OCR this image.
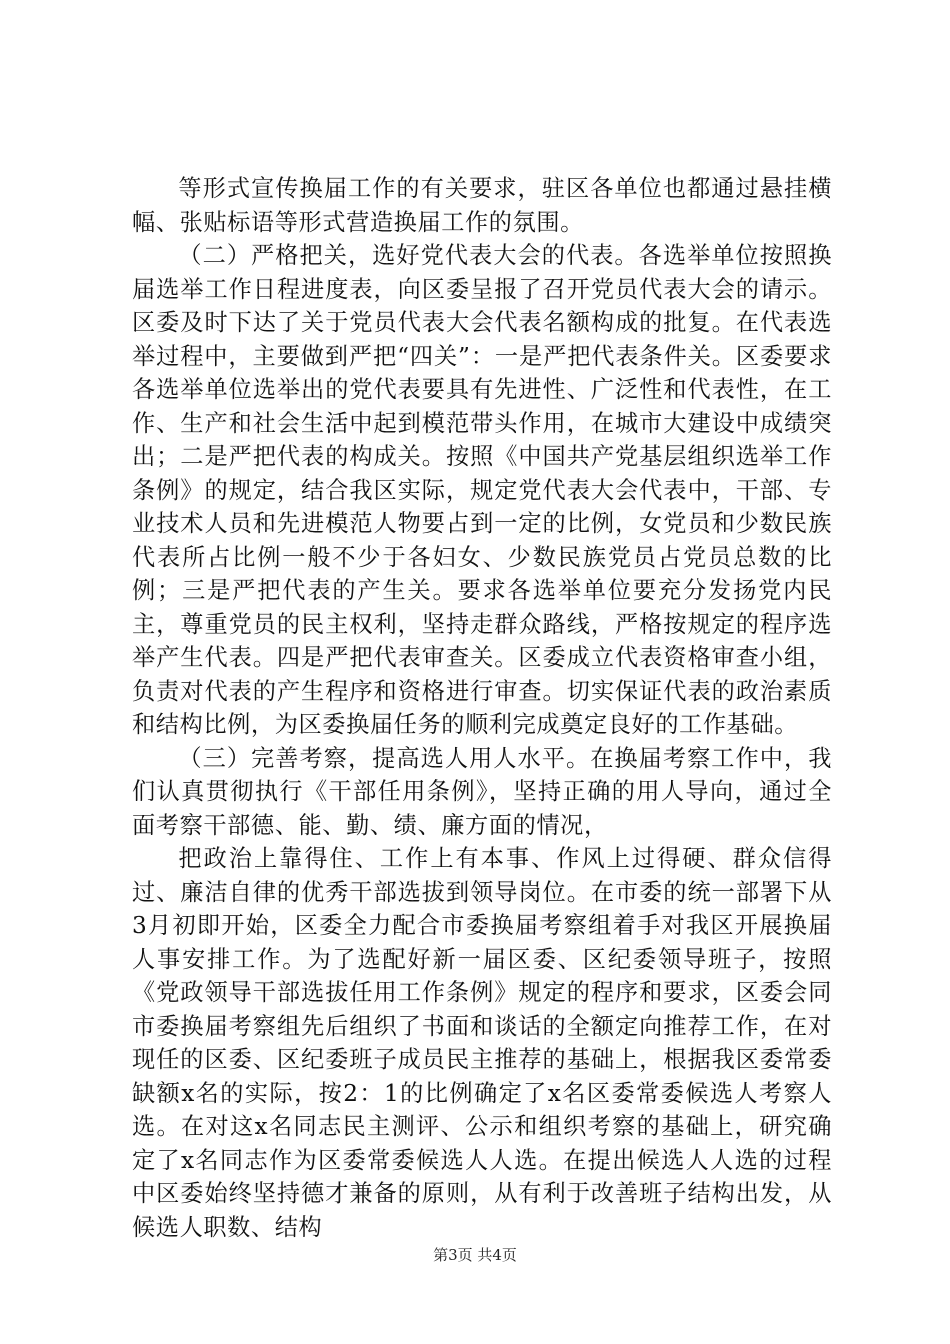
等形式宣传换届工作的有关要求，驻区各单位也都通过悬挂横幅、张贴标语等形式营造换届工作的氛围。

（二）严格把关，选好党代表大会的代表。各选举单位按照换届选举工作日程进度表，向区委呈报了召开党员代表大会的请示。区委及时下达了关于党员代表大会代表名额构成的批复。在代表选举过程中，主要做到严把“四关”：一是严把代表条件关。区委要求各选举单位选举出的党代表要具有先进性、广泛性和代表性，在工作、生产和社会生活中起到模范带头作用，在城市大建设中成绩突出；二是严把代表的构成关。按照《中国共产党基层组织选举工作条例》的规定，结合我区实际，规定党代表大会代表中，干部、专业技术人员和先进模范人物要占到一定的比例，女党员和少数民族代表所占比例一般不少于各妇女、少数民族党员占党员总数的比例；三是严把代表的产生关。要求各选举单位要充分发扬党内民主，尊重党员的民主权利，坚持走群众路线，严格按规定的程序选举产生代表。四是严把代表审查关。区委成立代表资格审查小组，负责对代表的产生程序和资格进行审查。切实保证代表的政治素质和结构比例，为区委换届任务的顺利完成奠定良好的工作基础。

（三）完善考察，提高选人用人水平。在换届考察工作中，我们认真贯彻执行《干部任用条例》，坚持正确的用人导向，通过全面考察干部德、能、勤、绩、廉方面的情况，

把政治上靠得住、工作上有本事、作风上过得硬、群众信得过、廉洁自律的优秀干部选拔到领导岗位。在市委的统一部署下从3月初即开始，区委全力配合市委换届考察组着手对我区开展换届人事安排工作。为了选配好新一届区委、区纪委领导班子，按照《党政领导干部选拔任用工作条例》规定的程序和要求，区委会同市委换届考察组先后组织了书面和谈话的全额定向推荐工作，在对现任的区委、区纪委班子成员民主推荐的基础上，根据我区委常委缺额x名的实际，按2：1的比例确定了x名区委常委候选人考察人选。在对这x名同志民主测评、公示和组织考察的基础上，研究确定了x名同志作为区委常委候选人人选。在提出候选人人选的过程中区委始终坚持德才兼备的原则，从有利于改善班子结构出发，从候选人职数、结构

第3页 共4页
